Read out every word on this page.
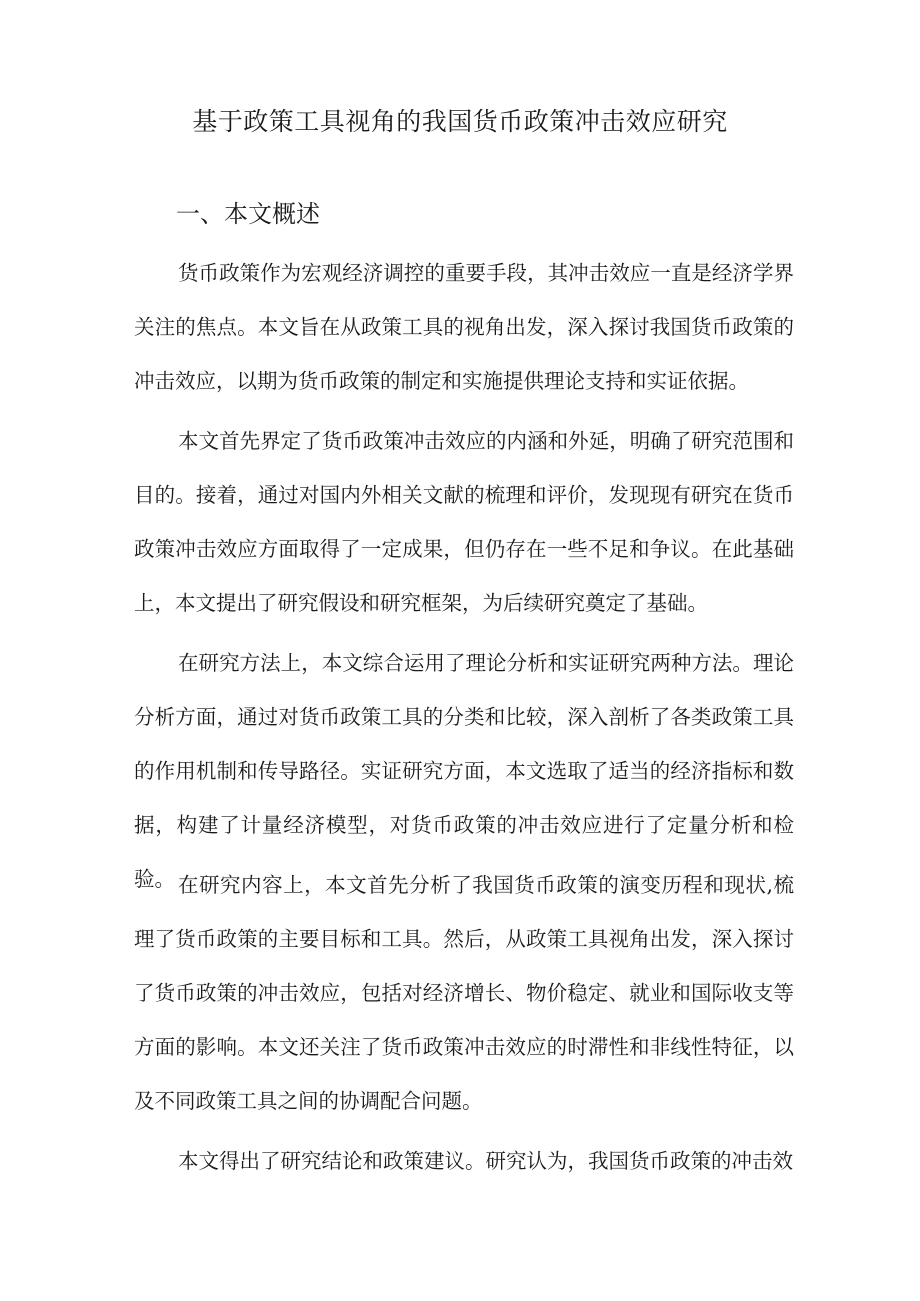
基于政策工具视角的我国货币政策冲击效应研究
一、本文概述

货币政策作为宏观经济调控的重要手段，其冲击效应一直是经济学界关注的焦点。本文旨在从政策工具的视角出发，深入探讨我国货币政策的冲击效应，以期为货币政策的制定和实施提供理论支持和实证依据。

本文首先界定了货币政策冲击效应的内涵和外延，明确了研究范围和目的。接着，通过对国内外相关文献的梳理和评价，发现现有研究在货币政策冲击效应方面取得了一定成果，但仍存在一些不足和争议。在此基础上，本文提出了研究假设和研究框架，为后续研究奠定了基础。

在研究方法上，本文综合运用了理论分析和实证研究两种方法。理论分析方面，通过对货币政策工具的分类和比较，深入剖析了各类政策工具的作用机制和传导路径。实证研究方面，本文选取了适当的经济指标和数据，构建了计量经济模型，对货币政策的冲击效应进行了定量分析和检验。 在研究内容上，本文首先分析了我国货币政策的演变历程和现状,梳理了货币政策的主要目标和工具。然后，从政策工具视角出发，深入探讨了货币政策的冲击效应，包括对经济增长、物价稳定、就业和国际收支等方面的影响。本文还关注了货币政策冲击效应的时滞性和非线性特征，以及不同政策工具之间的协调配合问题。

本文得出了研究结论和政策建议。研究认为，我国货币政策的冲击效
